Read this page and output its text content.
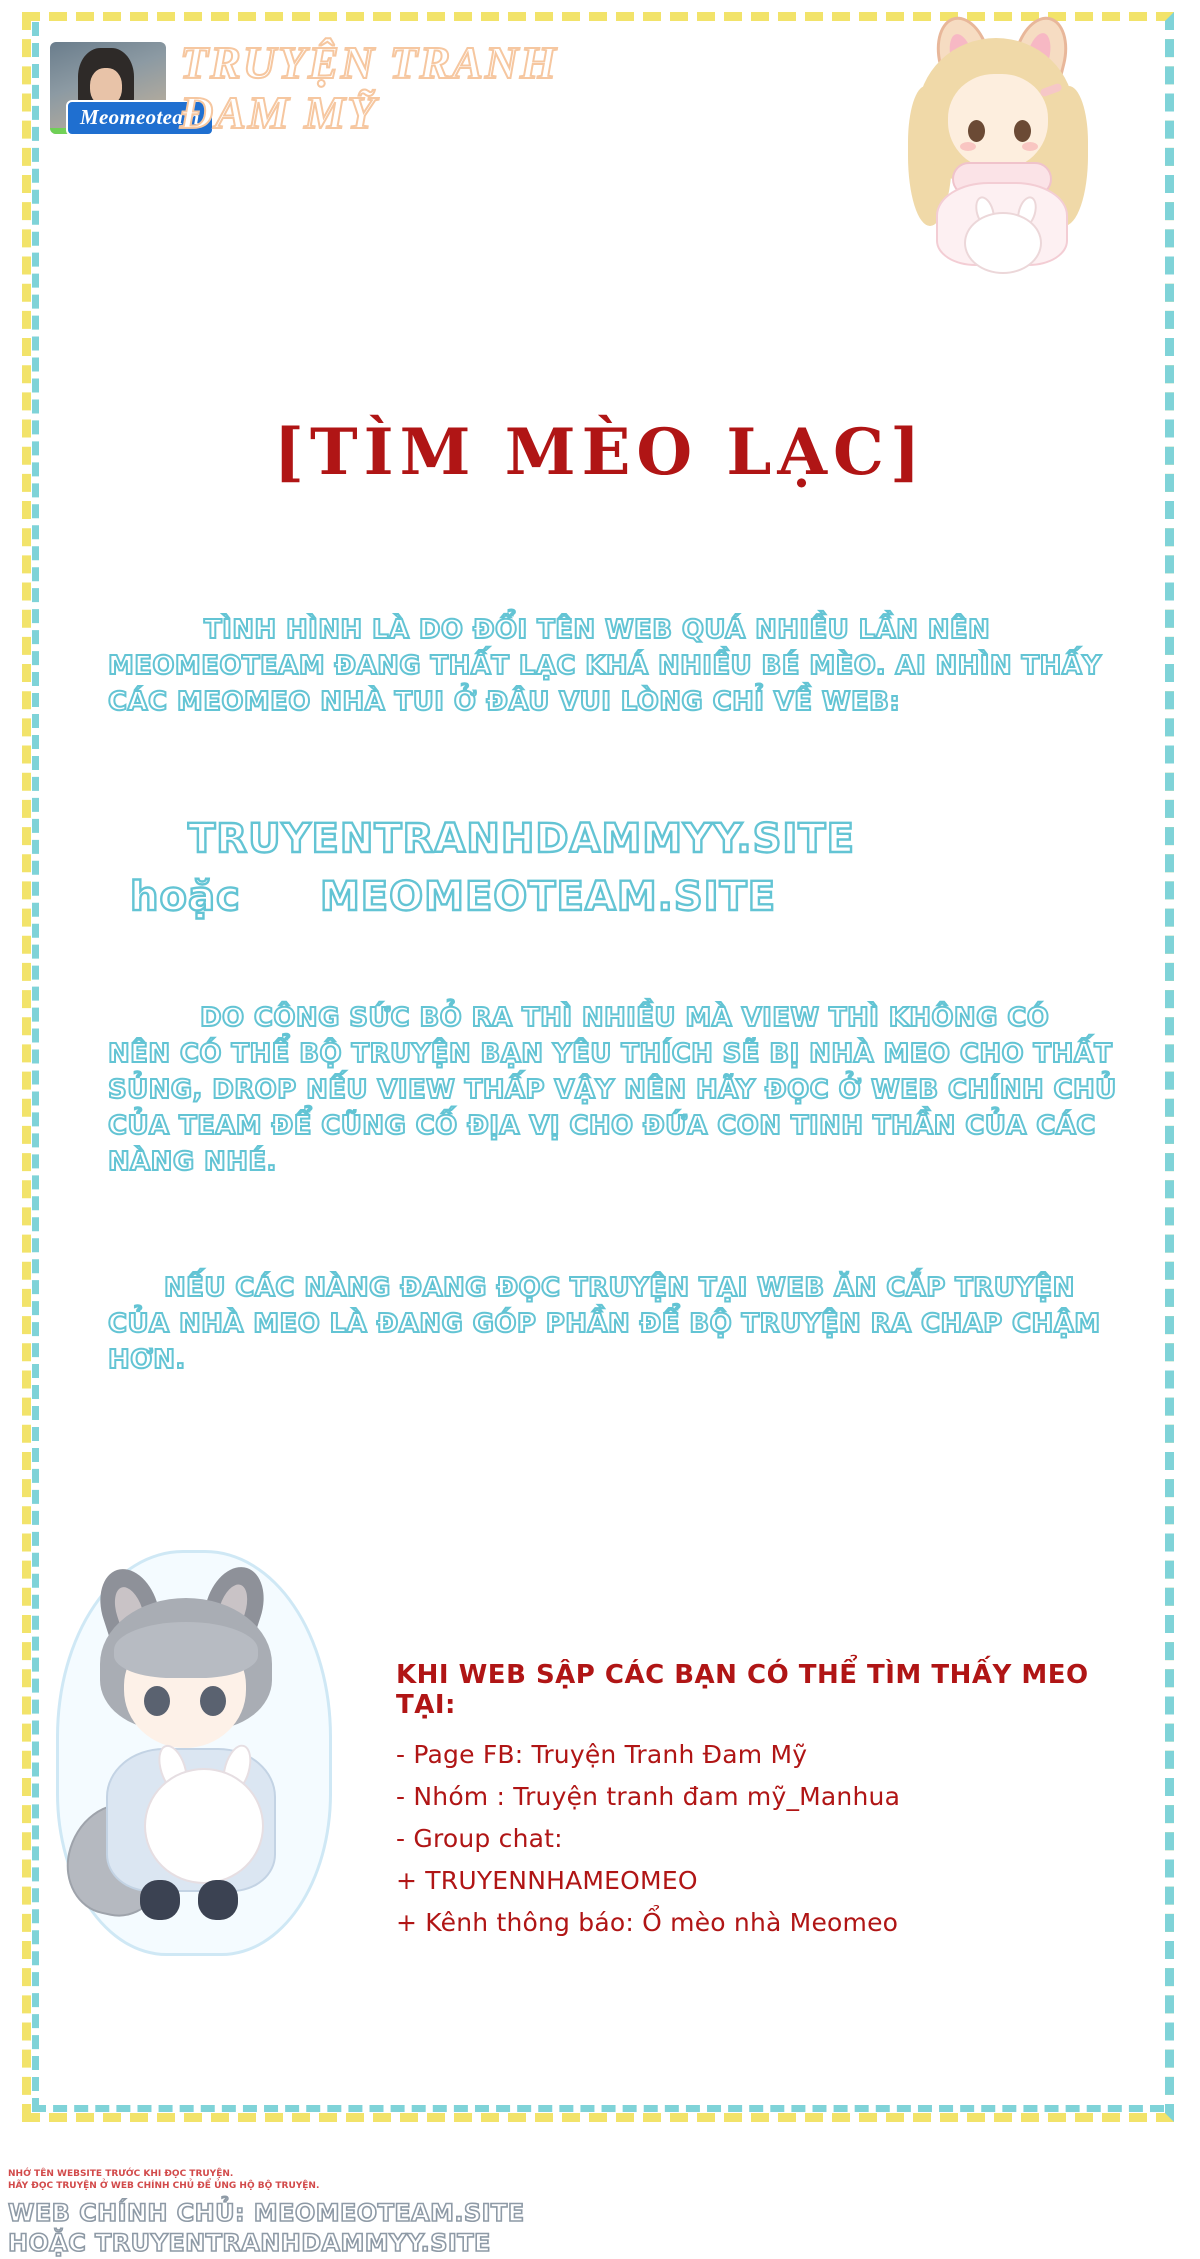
Meomeoteam
TRUYỆN TRANH
ĐAM MỸ
[TÌM MÈO LẠC]
TÌNH HÌNH LÀ DO ĐỔI TÊN WEB QUÁ NHIỀU LẦN NÊN MEOMEOTEAM ĐANG THẤT LẠC KHÁ NHIỀU BÉ MÈO. AI NHÌN THẤY CÁC MEOMEO NHÀ TUI Ở ĐÂU VUI LÒNG CHỈ VỀ WEB:
TRUYENTRANHDAMMYY.SITE
hoặc MEOMEOTEAM.SITE
DO CÔNG SỨC BỎ RA THÌ NHIỀU MÀ VIEW THÌ KHÔNG CÓ NÊN CÓ THỂ BỘ TRUYỆN BẠN YÊU THÍCH SẼ BỊ NHÀ MEO CHO THẤT SỦNG, DROP NẾU VIEW THẤP VẬY NÊN HÃY ĐỌC Ở WEB CHÍNH CHỦ CỦA TEAM ĐỂ CŨNG CỐ ĐỊA VỊ CHO ĐỨA CON TINH THẦN CỦA CÁC NÀNG NHÉ.
NẾU CÁC NÀNG ĐANG ĐỌC TRUYỆN TẠI WEB ĂN CẮP TRUYỆN CỦA NHÀ MEO LÀ ĐANG GÓP PHẦN ĐỂ BỘ TRUYỆN RA CHAP CHẬM HƠN.
KHI WEB SẬP CÁC BẠN CÓ THỂ TÌM THẤY MEO TẠI:
- Page FB: Truyện Tranh Đam Mỹ
- Nhóm : Truyện tranh đam mỹ_Manhua
- Group chat:
+ TRUYENNHAMEOMEO
+ Kênh thông báo: Ổ mèo nhà Meomeo
NHỚ TÊN WEBSITE TRƯỚC KHI ĐỌC TRUYỆN.
HÃY ĐỌC TRUYỆN Ở WEB CHÍNH CHỦ ĐỂ ỦNG HỘ BỘ TRUYỆN.
WEB CHÍNH CHỦ: MEOMEOTEAM.SITE
HOẶC TRUYENTRANHDAMMYY.SITE
